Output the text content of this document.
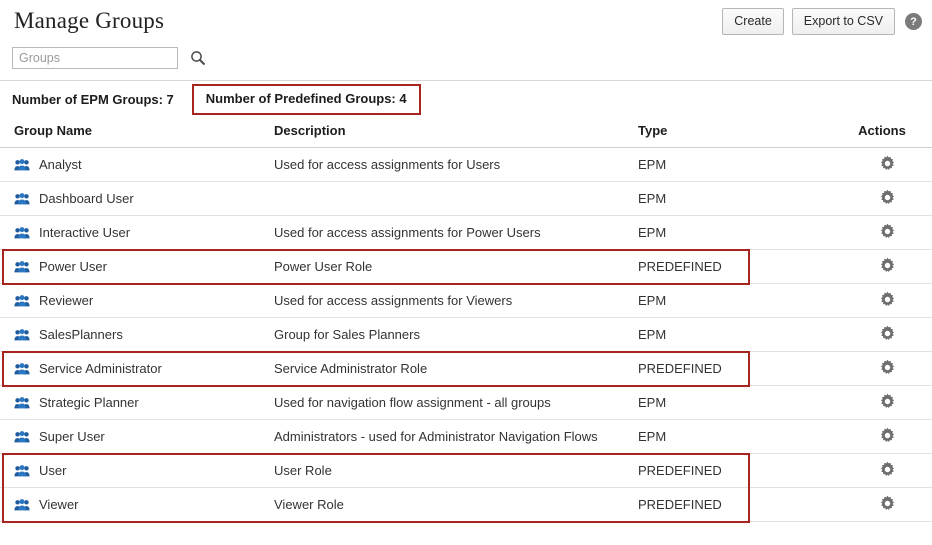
Manage Groups	Create	Export to CSV	?
Groups
Number of EPM Groups: 7	Number of Predefined Groups: 4
Group Name	Description	Type	Actions

Analyst	Used for access assignments for Users	EPM	

Dashboard User		EPM	

Interactive User	Used for access assignments for Power Users	EPM	

Power User	Power User Role	PREDEFINED	

Reviewer	Used for access assignments for Viewers	EPM	

SalesPlanners	Group for Sales Planners	EPM	

Service Administrator	Service Administrator Role	PREDEFINED	

Strategic Planner	Used for navigation flow assignment - all groups	EPM	

Super User	Administrators - used for Administrator Navigation Flows	EPM	

User	User Role	PREDEFINED	

Viewer	Viewer Role	PREDEFINED	
